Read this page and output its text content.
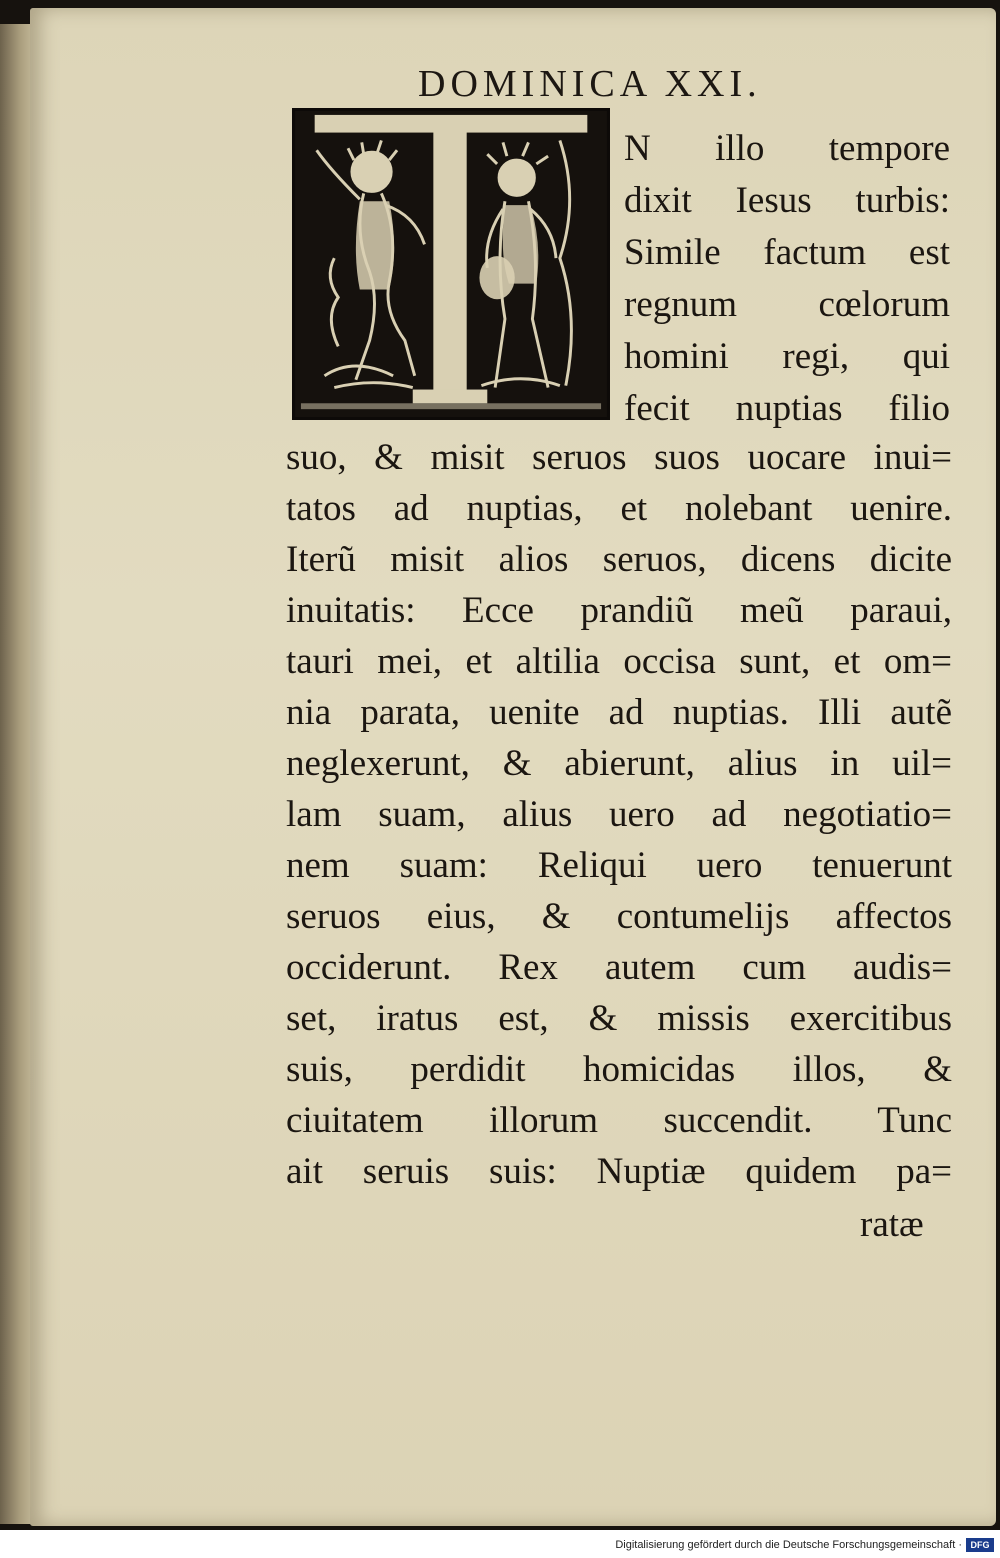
DOMINICA XXI.
N illo tempore
dixit Iesus turbis:
Simile factum est
regnum cœlorum
homini regi, qui
fecit nuptias filio
suo, & misit seruos suos uocare inui=
tatos ad nuptias, et nolebant uenire.
Iterũ misit alios seruos, dicens dicite
inuitatis: Ecce prandiũ meũ paraui,
tauri mei, et altilia occisa sunt, et om=
nia parata, uenite ad nuptias. Illi autẽ
neglexerunt, & abierunt, alius in uil=
lam suam, alius uero ad negotiatio=
nem suam: Reliqui uero tenuerunt
seruos eius, & contumelijs affectos
occiderunt. Rex autem cum audis=
set, iratus est, & missis exercitibus
suis, perdidit homicidas illos, &
ciuitatem illorum succendit. Tunc
ait seruis suis: Nuptiæ quidem pa=
ratæ
Digitalisierung gefördert durch die Deutsche Forschungsgemeinschaft · DFG
